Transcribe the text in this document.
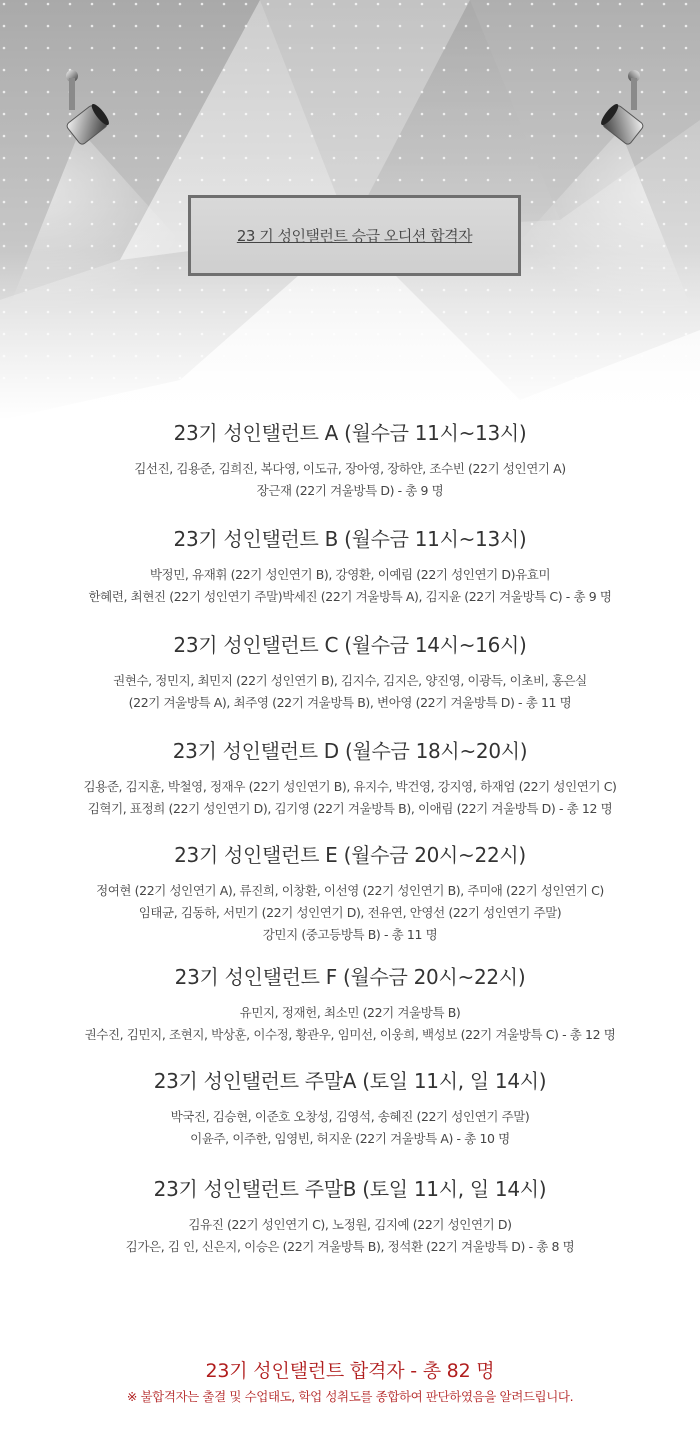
23 기 성인탤런트 승급 오디션 합격자
23기 성인탤런트 A (월수금 11시~13시)
김선진, 김용준, 김희진, 복다영, 이도규, 장아영, 장하얀, 조수빈 (22기 성인연기 A)
장근재 (22기 겨울방특 D) - 총 9 명
23기 성인탤런트 B (월수금 11시~13시)
박정민, 유재휘 (22기 성인연기 B), 강영환, 이예림 (22기 성인연기 D)유효미
한혜련, 최현진 (22기 성인연기 주말)박세진 (22기 겨울방특 A), 김지윤 (22기 겨울방특 C) - 총 9 명
23기 성인탤런트 C (월수금 14시~16시)
권현수, 정민지, 최민지 (22기 성인연기 B), 김지수, 김지은, 양진영, 이광득, 이초비, 홍은실
(22기 겨울방특 A), 최주영 (22기 겨울방특 B), 변아영 (22기 겨울방특 D) - 총 11 명
23기 성인탤런트 D (월수금 18시~20시)
김용준, 김지훈, 박철영, 정재우 (22기 성인연기 B), 유지수, 박건영, 강지영, 하재엄 (22기 성인연기 C)
김혁기, 표정희 (22기 성인연기 D), 김기영 (22기 겨울방특 B), 이애림 (22기 겨울방특 D) - 총 12 명
23기 성인탤런트 E (월수금 20시~22시)
정여현 (22기 성인연기 A), 류진희, 이창환, 이선영 (22기 성인연기 B), 주미애 (22기 성인연기 C)
임태균, 김동하, 서민기 (22기 성인연기 D), 전유연, 안영선 (22기 성인연기 주말)
강민지 (중고등방특 B) - 총 11 명
23기 성인탤런트 F (월수금 20시~22시)
유민지, 정재헌, 최소민 (22기 겨울방특 B)
권수진, 김민지, 조현지, 박상훈, 이수정, 황관우, 임미선, 이웅희, 백성보 (22기 겨울방특 C) - 총 12 명
23기 성인탤런트 주말A (토일 11시, 일 14시)
박국진, 김승현, 이준호 오창성, 김영석, 송혜진 (22기 성인연기 주말)
이윤주, 이주한, 임영빈, 허지운 (22기 겨울방특 A) - 총 10 명
23기 성인탤런트 주말B (토일 11시, 일 14시)
김유진 (22기 성인연기 C), 노정원, 김지예 (22기 성인연기 D)
김가은, 김 인, 신은지, 이승은 (22기 겨울방특 B), 정석환 (22기 겨울방특 D) - 총 8 명
23기 성인탤런트 합격자 - 총 82 명
※ 불합격자는 출결 및 수업태도, 학업 성취도를 종합하여 판단하였음을 알려드립니다.
